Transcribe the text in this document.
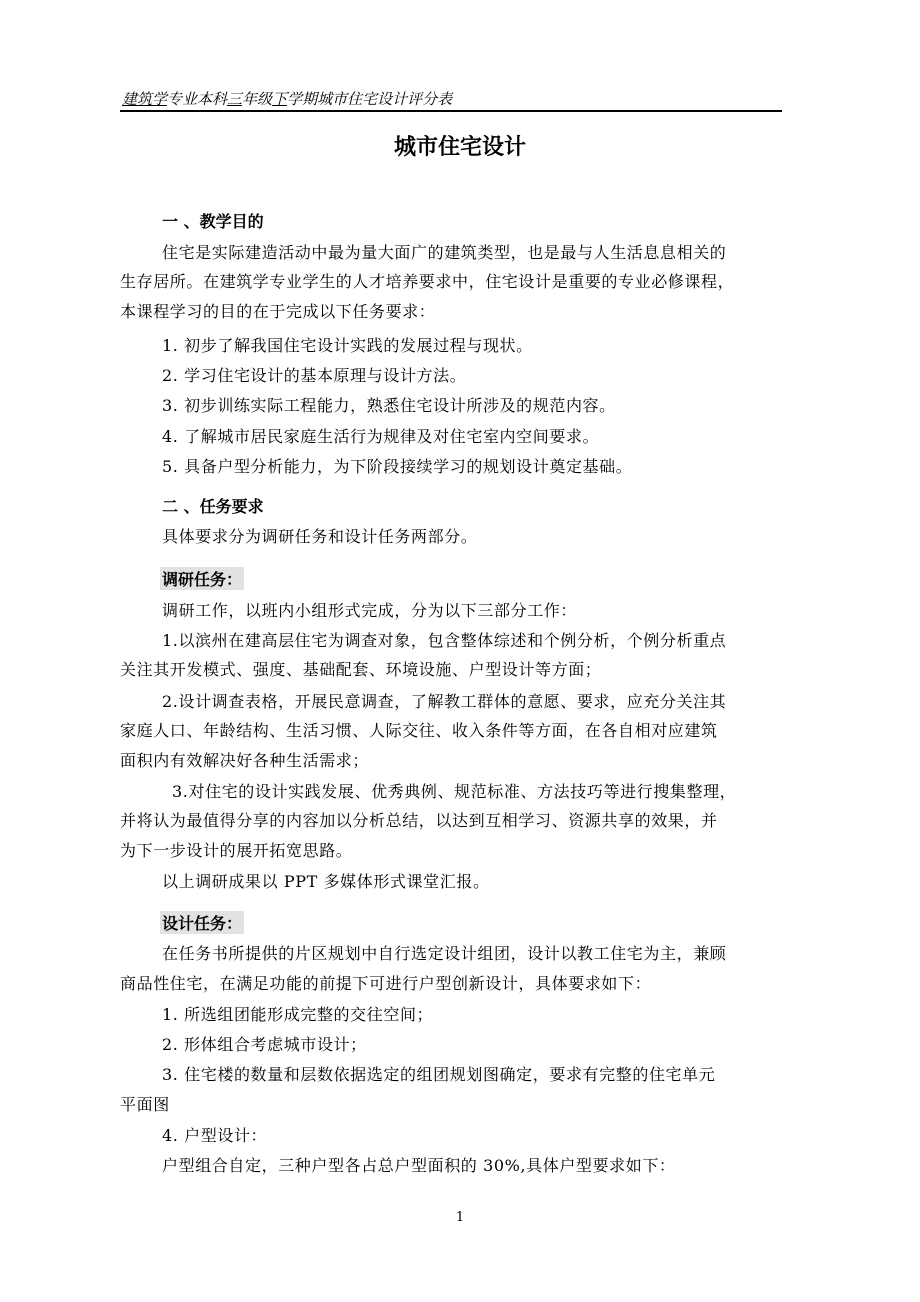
建筑学专业本科三年级下学期城市住宅设计评分表
城市住宅设计
一 、教学目的
住宅是实际建造活动中最为量大面广的建筑类型，也是最与人生活息息相关的
生存居所。在建筑学专业学生的人才培养要求中，住宅设计是重要的专业必修课程，
本课程学习的目的在于完成以下任务要求：
1. 初步了解我国住宅设计实践的发展过程与现状。
2. 学习住宅设计的基本原理与设计方法。
3. 初步训练实际工程能力，熟悉住宅设计所涉及的规范内容。
4. 了解城市居民家庭生活行为规律及对住宅室内空间要求。
5. 具备户型分析能力，为下阶段接续学习的规划设计奠定基础。
二 、任务要求
具体要求分为调研任务和设计任务两部分。
调研任务：
调研工作，以班内小组形式完成，分为以下三部分工作：
1.以滨州在建高层住宅为调查对象，包含整体综述和个例分析，个例分析重点
关注其开发模式、强度、基础配套、环境设施、户型设计等方面；
2.设计调查表格，开展民意调查，了解教工群体的意愿、要求，应充分关注其
家庭人口、年龄结构、生活习惯、人际交往、收入条件等方面，在各自相对应建筑
面积内有效解决好各种生活需求；
3.对住宅的设计实践发展、优秀典例、规范标准、方法技巧等进行搜集整理，
并将认为最值得分享的内容加以分析总结，以达到互相学习、资源共享的效果，并
为下一步设计的展开拓宽思路。
以上调研成果以 PPT 多媒体形式课堂汇报。
设计任务：
在任务书所提供的片区规划中自行选定设计组团，设计以教工住宅为主，兼顾
商品性住宅，在满足功能的前提下可进行户型创新设计，具体要求如下：
1. 所选组团能形成完整的交往空间；
2. 形体组合考虑城市设计；
3. 住宅楼的数量和层数依据选定的组团规划图确定，要求有完整的住宅单元
平面图
4. 户型设计：
户型组合自定，三种户型各占总户型面积的 30%,具体户型要求如下：
1
